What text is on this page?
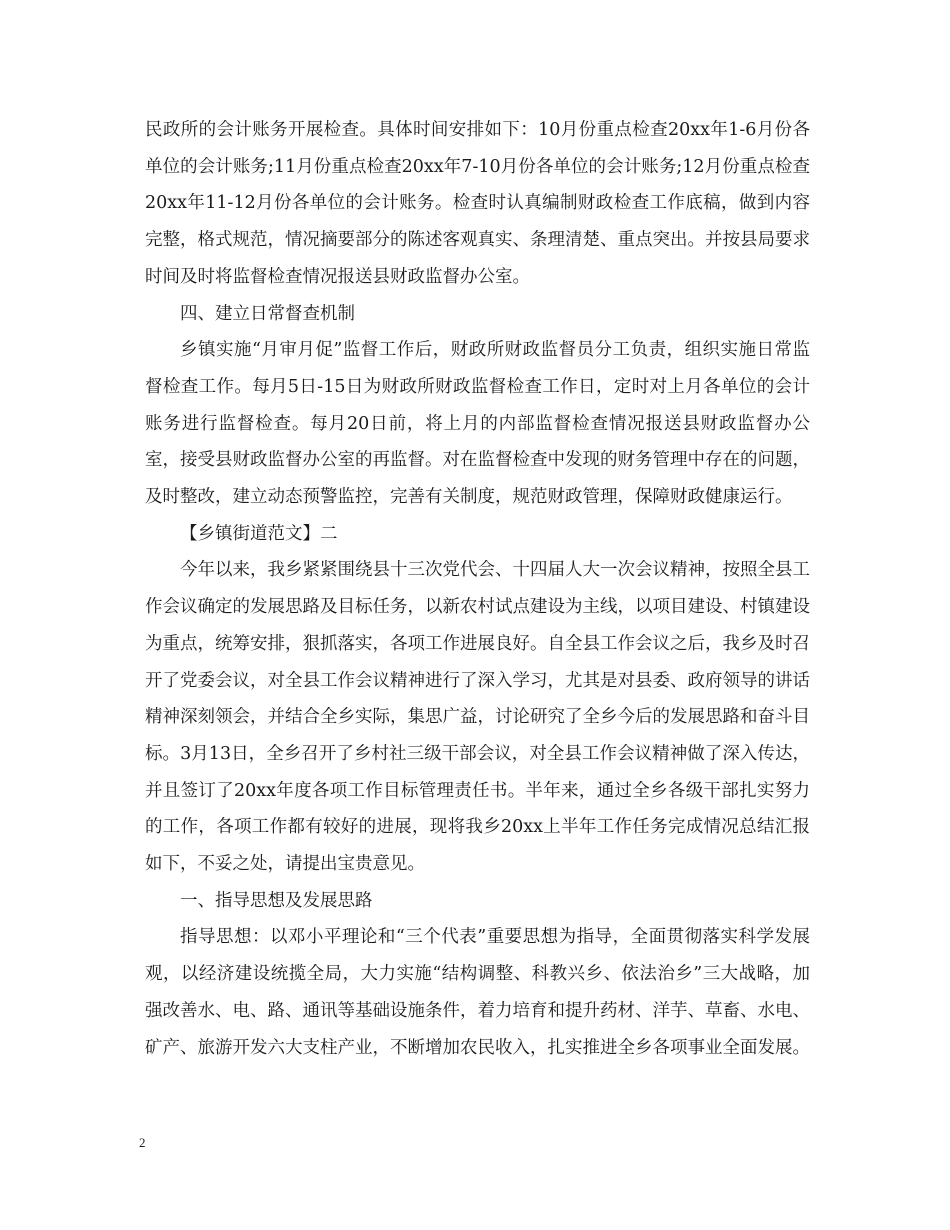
民政所的会计账务开展检查。具体时间安排如下：10月份重点检查20xx年1-6月份各单位的会计账务;11月份重点检查20xx年7-10月份各单位的会计账务;12月份重点检查20xx年11-12月份各单位的会计账务。检查时认真编制财政检查工作底稿，做到内容完整，格式规范，情况摘要部分的陈述客观真实、条理清楚、重点突出。并按县局要求时间及时将监督检查情况报送县财政监督办公室。

四、建立日常督查机制

乡镇实施“月审月促”监督工作后，财政所财政监督员分工负责，组织实施日常监督检查工作。每月5日-15日为财政所财政监督检查工作日，定时对上月各单位的会计账务进行监督检查。每月20日前，将上月的内部监督检查情况报送县财政监督办公室，接受县财政监督办公室的再监督。对在监督检查中发现的财务管理中存在的问题，及时整改，建立动态预警监控，完善有关制度，规范财政管理，保障财政健康运行。

【乡镇街道范文】二

今年以来，我乡紧紧围绕县十三次党代会、十四届人大一次会议精神，按照全县工作会议确定的发展思路及目标任务，以新农村试点建设为主线，以项目建设、村镇建设为重点，统筹安排，狠抓落实，各项工作进展良好。自全县工作会议之后，我乡及时召开了党委会议，对全县工作会议精神进行了深入学习，尤其是对县委、政府领导的讲话精神深刻领会，并结合全乡实际，集思广益，讨论研究了全乡今后的发展思路和奋斗目标。3月13日，全乡召开了乡村社三级干部会议，对全县工作会议精神做了深入传达，并且签订了20xx年度各项工作目标管理责任书。半年来，通过全乡各级干部扎实努力的工作，各项工作都有较好的进展，现将我乡20xx上半年工作任务完成情况总结汇报如下，不妥之处，请提出宝贵意见。

一、指导思想及发展思路

指导思想：以邓小平理论和“三个代表”重要思想为指导，全面贯彻落实科学发展观，以经济建设统揽全局，大力实施“结构调整、科教兴乡、依法治乡”三大战略，加强改善水、电、路、通讯等基础设施条件，着力培育和提升药材、洋芋、草畜、水电、矿产、旅游开发六大支柱产业，不断增加农民收入，扎实推进全乡各项事业全面发展。

2
